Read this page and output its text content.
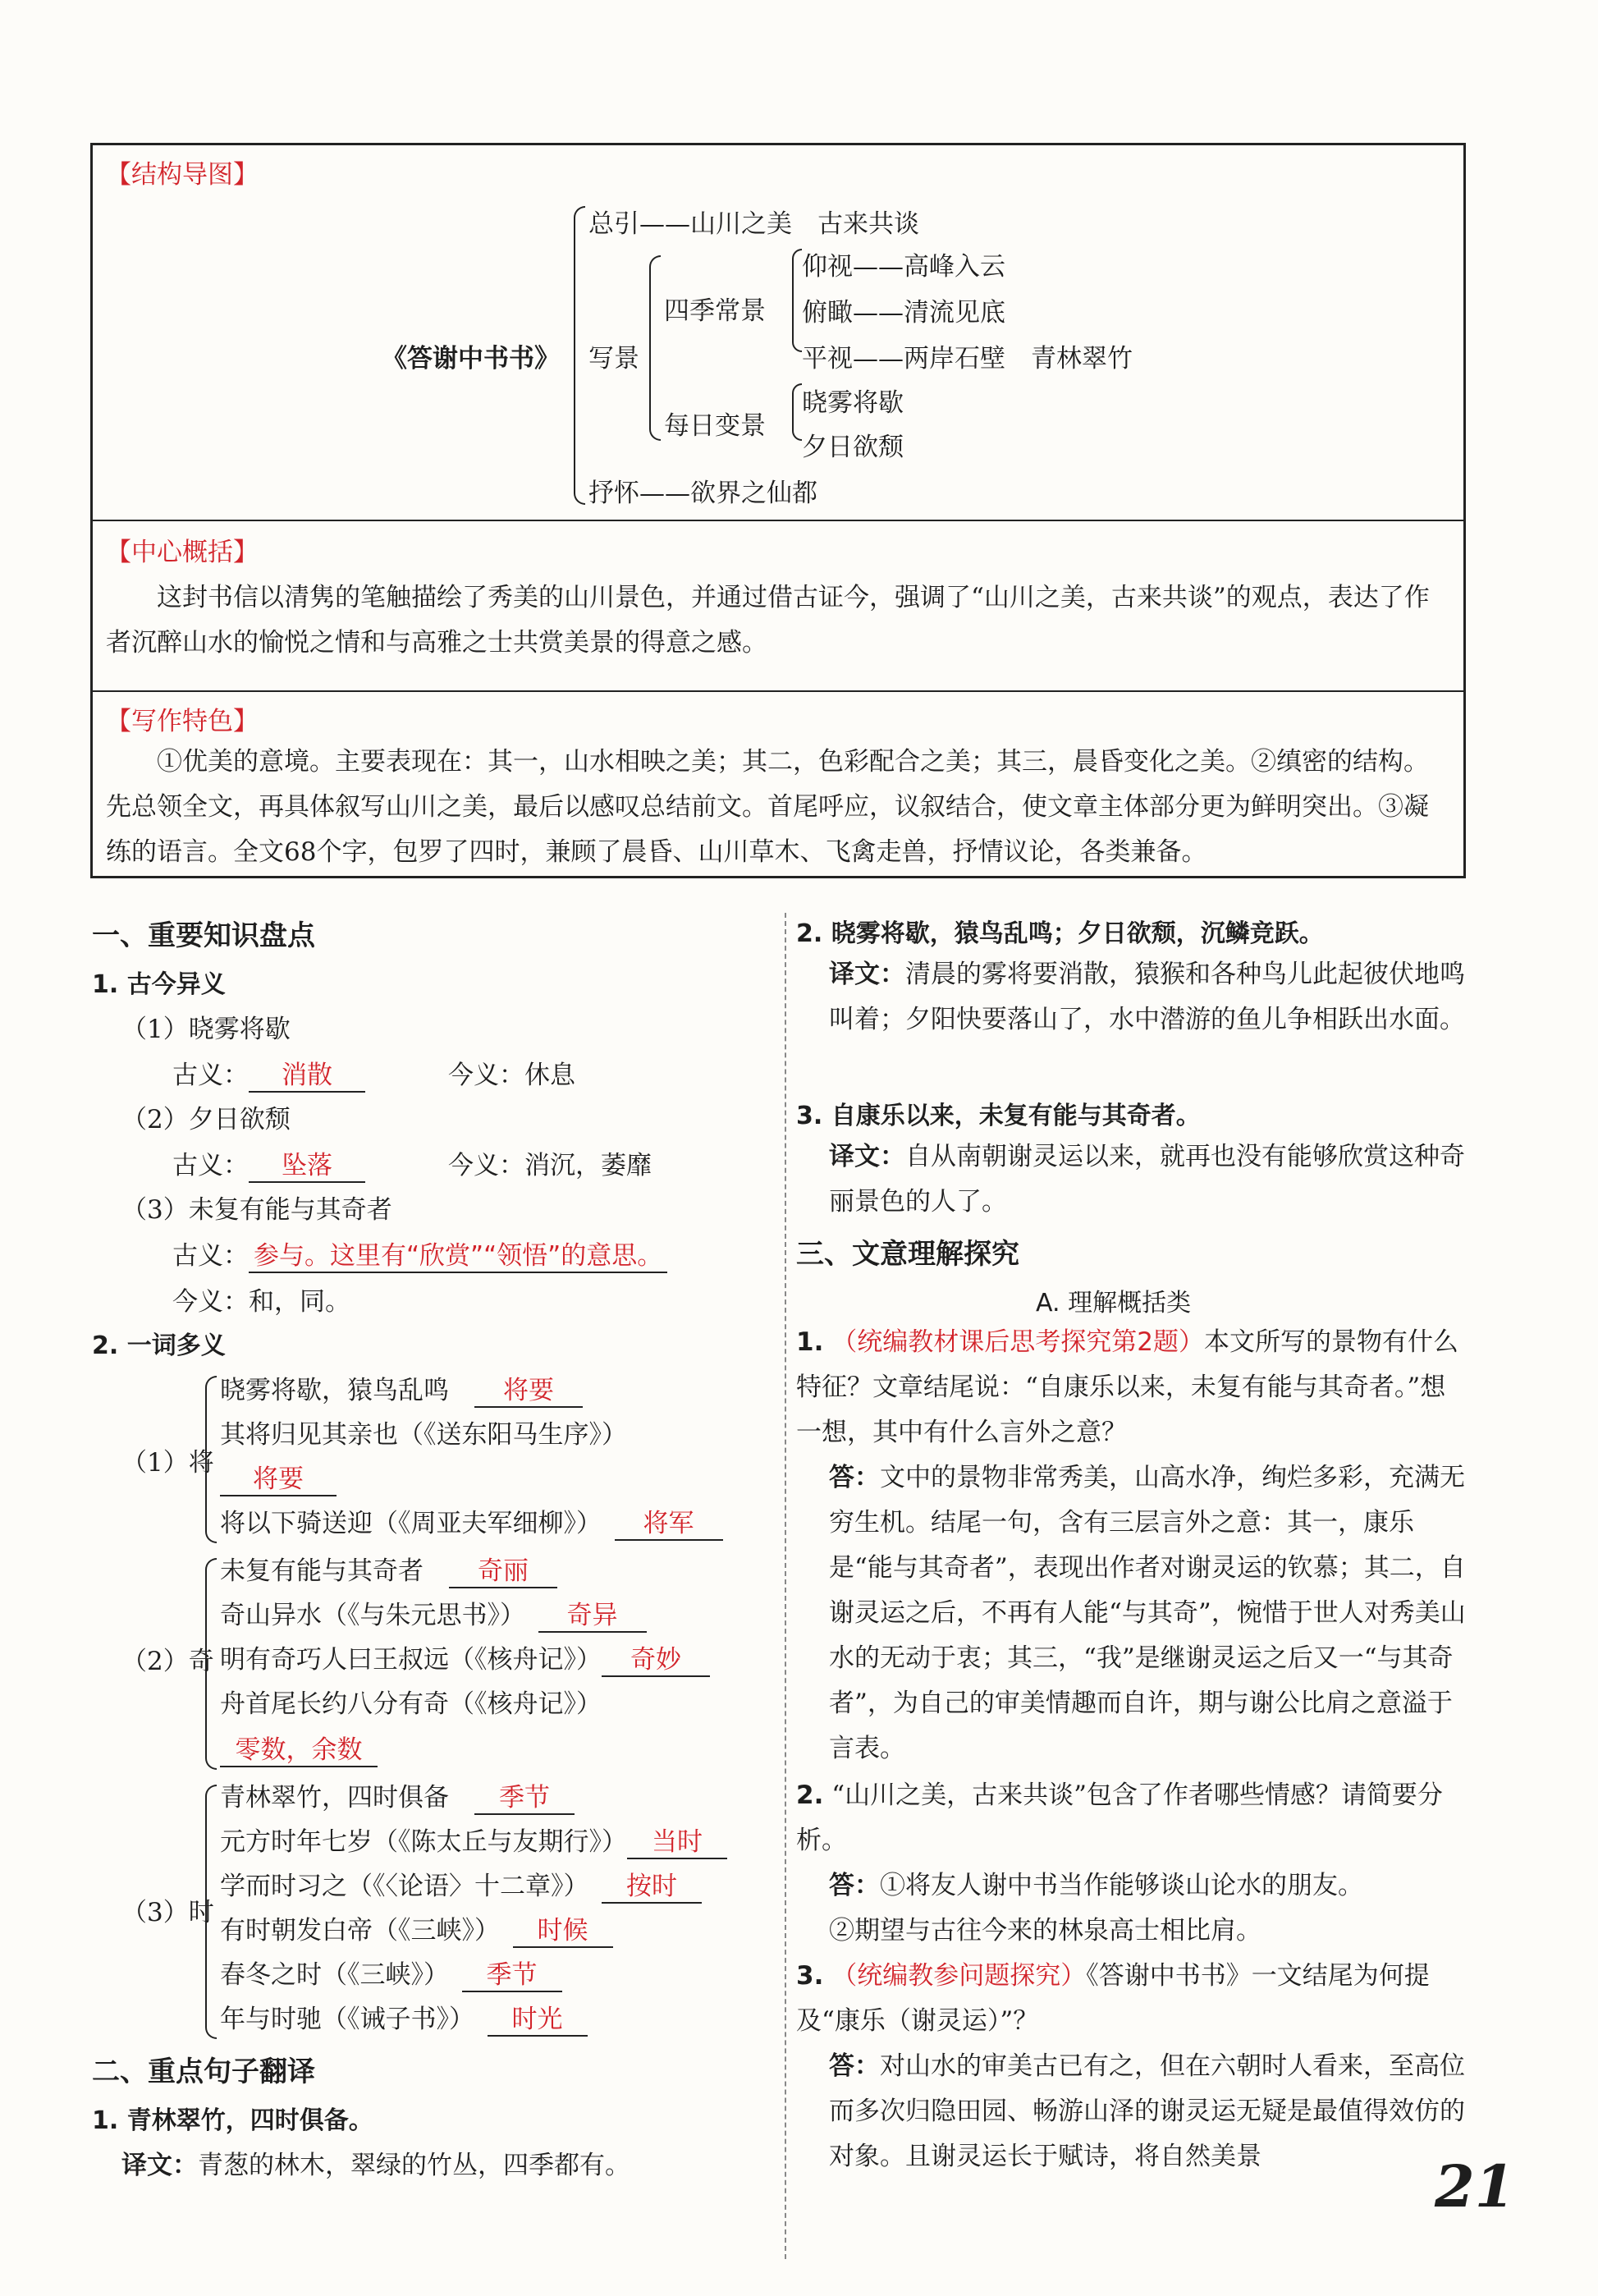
【结构导图】
《答谢中书书》
总引——山川之美　古来共谈
写景
四季常景
仰视——高峰入云
俯瞰——清流见底
平视——两岸石壁　青林翠竹
每日变景
晓雾将歇
夕日欲颓
抒怀——欲界之仙都
【中心概括】
这封书信以清隽的笔触描绘了秀美的山川景色，并通过借古证今，强调了“山川之美，古来共谈”的观点，表达了作者沉醉山水的愉悦之情和与高雅之士共赏美景的得意之感。
【写作特色】
①优美的意境。主要表现在：其一，山水相映之美；其二，色彩配合之美；其三，晨昏变化之美。②缜密的结构。先总领全文，再具体叙写山川之美，最后以感叹总结前文。首尾呼应，议叙结合，使文章主体部分更为鲜明突出。③凝练的语言。全文68个字，包罗了四时，兼顾了晨昏、山川草木、飞禽走兽，抒情议论，各类兼备。
一、重要知识盘点
1. 古今异义
（1）晓雾将歇
古义： 消散	今义：休息
（2）夕日欲颓
古义： 坠落	今义：消沉，萎靡
（3）未复有能与其奇者
古义： 参与。这里有“欣赏”“领悟”的意思。
今义：和，同。
2. 一词多义
（1）将
晓雾将歇，猿鸟乱鸣　 将要
其将归见其亲也（《送东阳马生序》）
将要
将以下骑送迎（《周亚夫军细柳》）　 将军
（2）奇
未复有能与其奇者　 奇丽
奇山异水（《与朱元思书》）　 奇异
明有奇巧人曰王叔远（《核舟记》） 奇妙
舟首尾长约八分有奇（《核舟记》）
零数，余数
（3）时
青林翠竹，四时俱备　 季节
元方时年七岁（《陈太丘与友期行》） 当时
学而时习之（《〈论语〉十二章》）　 按时
有时朝发白帝（《三峡》）　 时候
春冬之时（《三峡》）　 季节
年与时驰（《诫子书》）　 时光
二、重点句子翻译
1. 青林翠竹，四时俱备。
译文：青葱的林木，翠绿的竹丛，四季都有。
2. 晓雾将歇，猿鸟乱鸣；夕日欲颓，沉鳞竞跃。
译文：清晨的雾将要消散，猿猴和各种鸟儿此起彼伏地鸣叫着；夕阳快要落山了，水中潜游的鱼儿争相跃出水面。
3. 自康乐以来，未复有能与其奇者。
译文：自从南朝谢灵运以来，就再也没有能够欣赏这种奇丽景色的人了。
三、文意理解探究
A. 理解概括类
1. （统编教材课后思考探究第2题）本文所写的景物有什么特征？文章结尾说：“自康乐以来，未复有能与其奇者。”想一想，其中有什么言外之意？
答：文中的景物非常秀美，山高水净，绚烂多彩，充满无穷生机。结尾一句，含有三层言外之意：其一，康乐是“能与其奇者”，表现出作者对谢灵运的钦慕；其二，自谢灵运之后，不再有人能“与其奇”，惋惜于世人对秀美山水的无动于衷；其三，“我”是继谢灵运之后又一“与其奇者”，为自己的审美情趣而自许，期与谢公比肩之意溢于言表。
2. “山川之美，古来共谈”包含了作者哪些情感？请简要分析。
答：①将友人谢中书当作能够谈山论水的朋友。
②期望与古往今来的林泉高士相比肩。
3. （统编教参问题探究）《答谢中书书》一文结尾为何提及“康乐（谢灵运）”？
答：对山水的审美古已有之，但在六朝时人看来，至高位而多次归隐田园、畅游山泽的谢灵运无疑是最值得效仿的对象。且谢灵运长于赋诗，将自然美景	21
